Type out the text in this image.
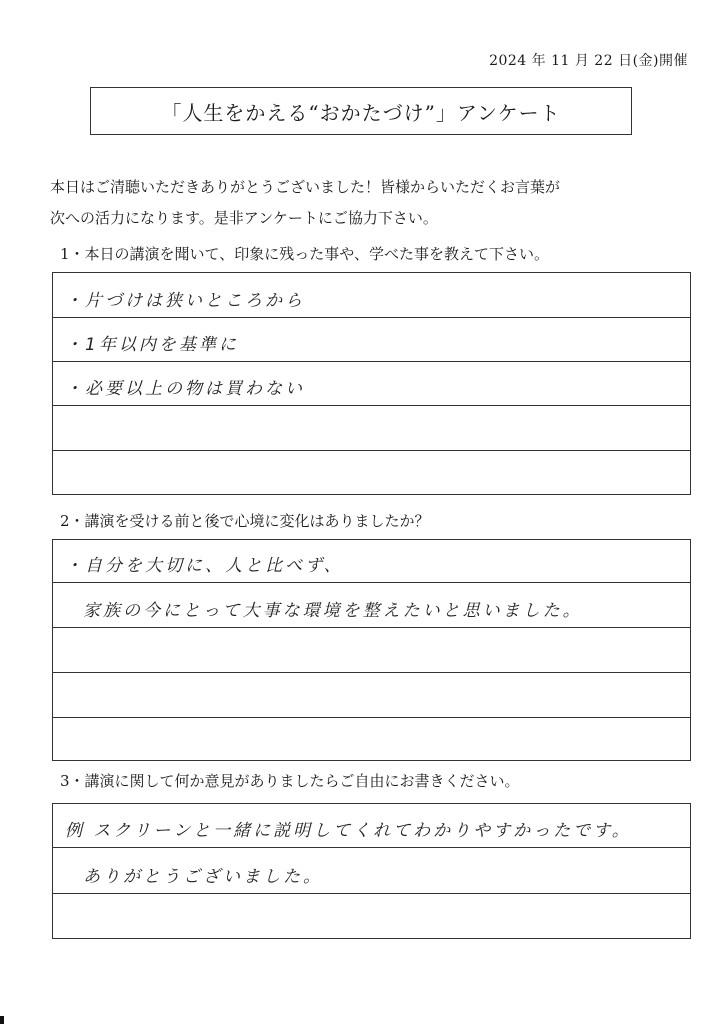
2024 年 11 月 22 日(金)開催
「人生をかえる“おかたづけ”」アンケート
本日はご清聴いただきありがとうございました！皆様からいただくお言葉が
次への活力になります。是非アンケートにご協力下さい。
1・本日の講演を聞いて、印象に残った事や、学べた事を教えて下さい。
・片づけは狭いところから
・1年以内を基準に
・必要以上の物は買わない
2・講演を受ける前と後で心境に変化はありましたか？
・自分を大切に、人と比べず、
家族の今にとって大事な環境を整えたいと思いました。
3・講演に関して何か意見がありましたらご自由にお書きください。
例 スクリーンと一緒に説明してくれてわかりやすかったです。
ありがとうございました。
